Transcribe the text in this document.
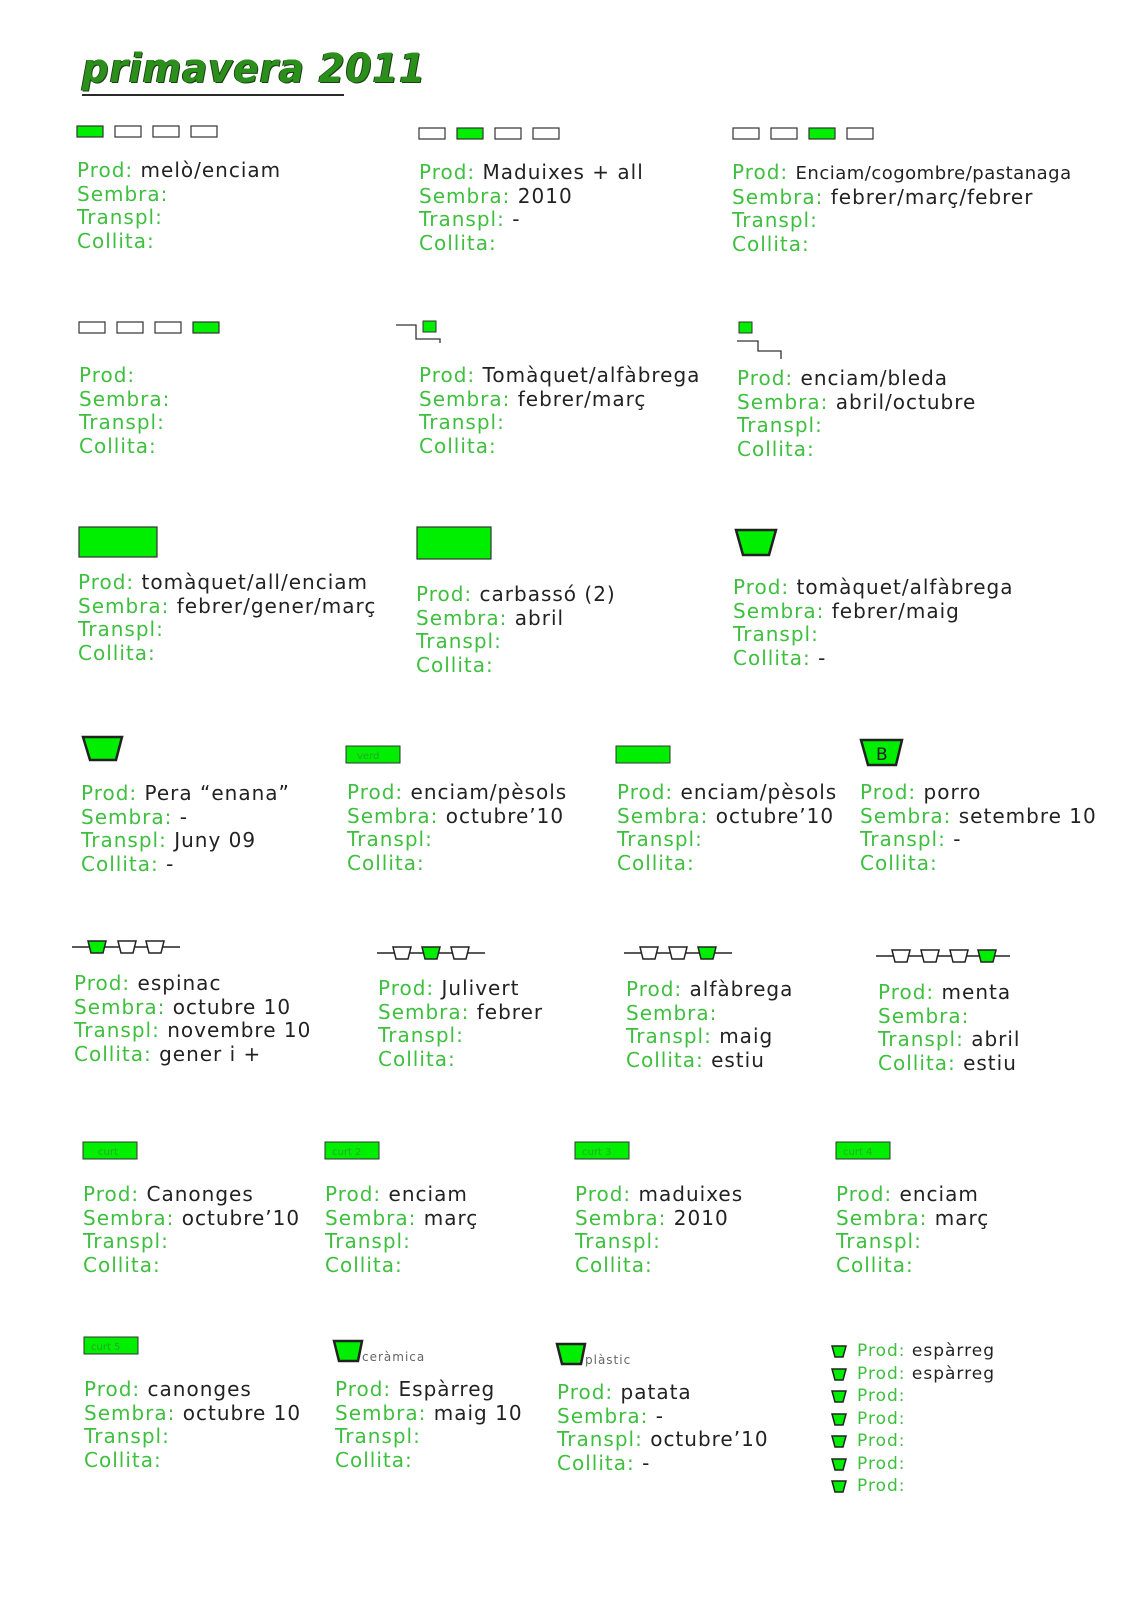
primavera 2011
verd	B
curt	curt 2	curt 3	curt 4
curt 5
ceràmica	plàstic
Prod: melò/enciam
Sembra:
Transpl:
Collita:
Prod: Maduixes + all
Sembra: 2010
Transpl: -
Collita:
Prod: Enciam/cogombre/pastanaga
Sembra: febrer/març/febrer
Transpl:
Collita:
Prod:
Sembra:
Transpl:
Collita:
Prod: Tomàquet/alfàbrega
Sembra: febrer/març
Transpl:
Collita:
Prod: enciam/bleda
Sembra: abril/octubre
Transpl:
Collita:
Prod: tomàquet/all/enciam
Sembra: febrer/gener/març
Transpl:
Collita:
Prod: carbassó (2)
Sembra: abril
Transpl:
Collita:
Prod: tomàquet/alfàbrega
Sembra: febrer/maig
Transpl:
Collita: -
Prod: Pera “enana”
Sembra: -
Transpl: Juny 09
Collita: -
Prod: enciam/pèsols
Sembra: octubre’10
Transpl:
Collita:
Prod: enciam/pèsols
Sembra: octubre’10
Transpl:
Collita:
Prod: porro
Sembra: setembre 10
Transpl: -
Collita:
Prod: espinac
Sembra: octubre 10
Transpl: novembre 10
Collita: gener i +
Prod: Julivert
Sembra: febrer
Transpl:
Collita:
Prod: alfàbrega
Sembra:
Transpl: maig
Collita: estiu
Prod: menta
Sembra:
Transpl: abril
Collita: estiu
Prod: Canonges
Sembra: octubre’10
Transpl:
Collita:
Prod: enciam
Sembra: març
Transpl:
Collita:
Prod: maduixes
Sembra: 2010
Transpl:
Collita:
Prod: enciam
Sembra: març
Transpl:
Collita:
Prod: canonges
Sembra: octubre 10
Transpl:
Collita:
Prod: Espàrreg
Sembra: maig 10
Transpl:
Collita:
Prod: patata
Sembra: -
Transpl: octubre’10
Collita: -
Prod: espàrreg
Prod: espàrreg
Prod:
Prod:
Prod:
Prod:
Prod:
